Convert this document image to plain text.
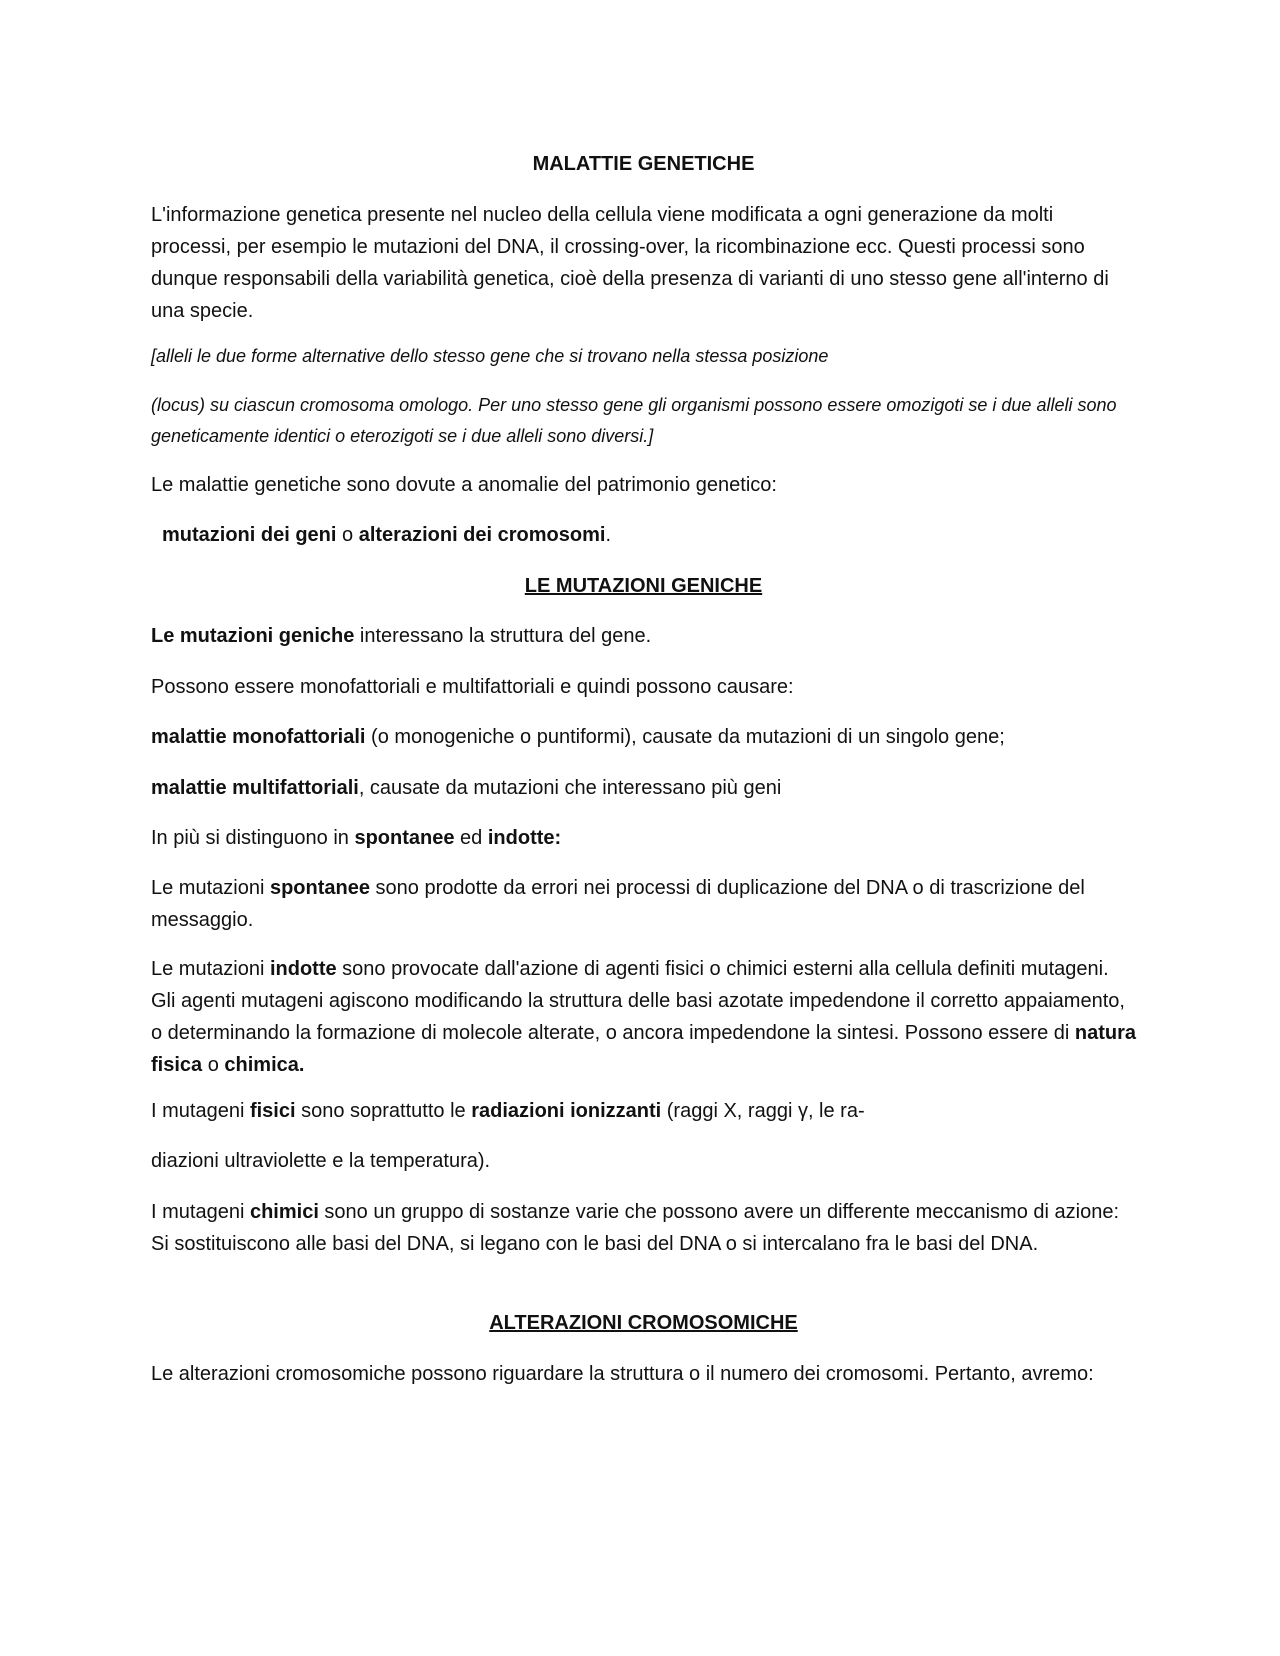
MALATTIE GENETICHE

L'informazione genetica presente nel nucleo della cellula viene modificata a ogni generazione da molti processi, per esempio le mutazioni del DNA, il crossing-over, la ricombinazione ecc. Questi processi sono dunque responsabili della variabilità genetica, cioè della presenza di varianti di uno stesso gene all'interno di una specie.

[alleli le due forme alternative dello stesso gene che si trovano nella stessa posizione

(locus) su ciascun cromosoma omologo. Per uno stesso gene gli organismi possono essere omozigoti se i due alleli sono geneticamente identici o eterozigoti se i due alleli sono diversi.]

Le malattie genetiche sono dovute a anomalie del patrimonio genetico:

mutazioni dei geni o alterazioni dei cromosomi.

LE MUTAZIONI GENICHE

Le mutazioni geniche interessano la struttura del gene.

Possono essere monofattoriali e multifattoriali e quindi possono causare:

malattie monofattoriali (o monogeniche o puntiformi), causate da mutazioni di un singolo gene;

malattie multifattoriali, causate da mutazioni che interessano più geni

In più si distinguono in spontanee ed indotte:

Le mutazioni spontanee sono prodotte da errori nei processi di duplicazione del DNA o di trascrizione del messaggio.

Le mutazioni indotte sono provocate dall'azione di agenti fisici o chimici esterni alla cellula definiti mutageni. Gli agenti mutageni agiscono modificando la struttura delle basi azotate impedendone il corretto appaiamento, o determinando la formazione di molecole alterate, o ancora impedendone la sintesi. Possono essere di natura fisica o chimica.

I mutageni fisici sono soprattutto le radiazioni ionizzanti (raggi X, raggi γ, le ra-

diazioni ultraviolette e la temperatura).

I mutageni chimici sono un gruppo di sostanze varie che possono avere un differente meccanismo di azione: Si sostituiscono alle basi del DNA, si legano con le basi del DNA o si intercalano fra le basi del DNA.

ALTERAZIONI CROMOSOMICHE

Le alterazioni cromosomiche possono riguardare la struttura o il numero dei cromosomi. Pertanto, avremo:
